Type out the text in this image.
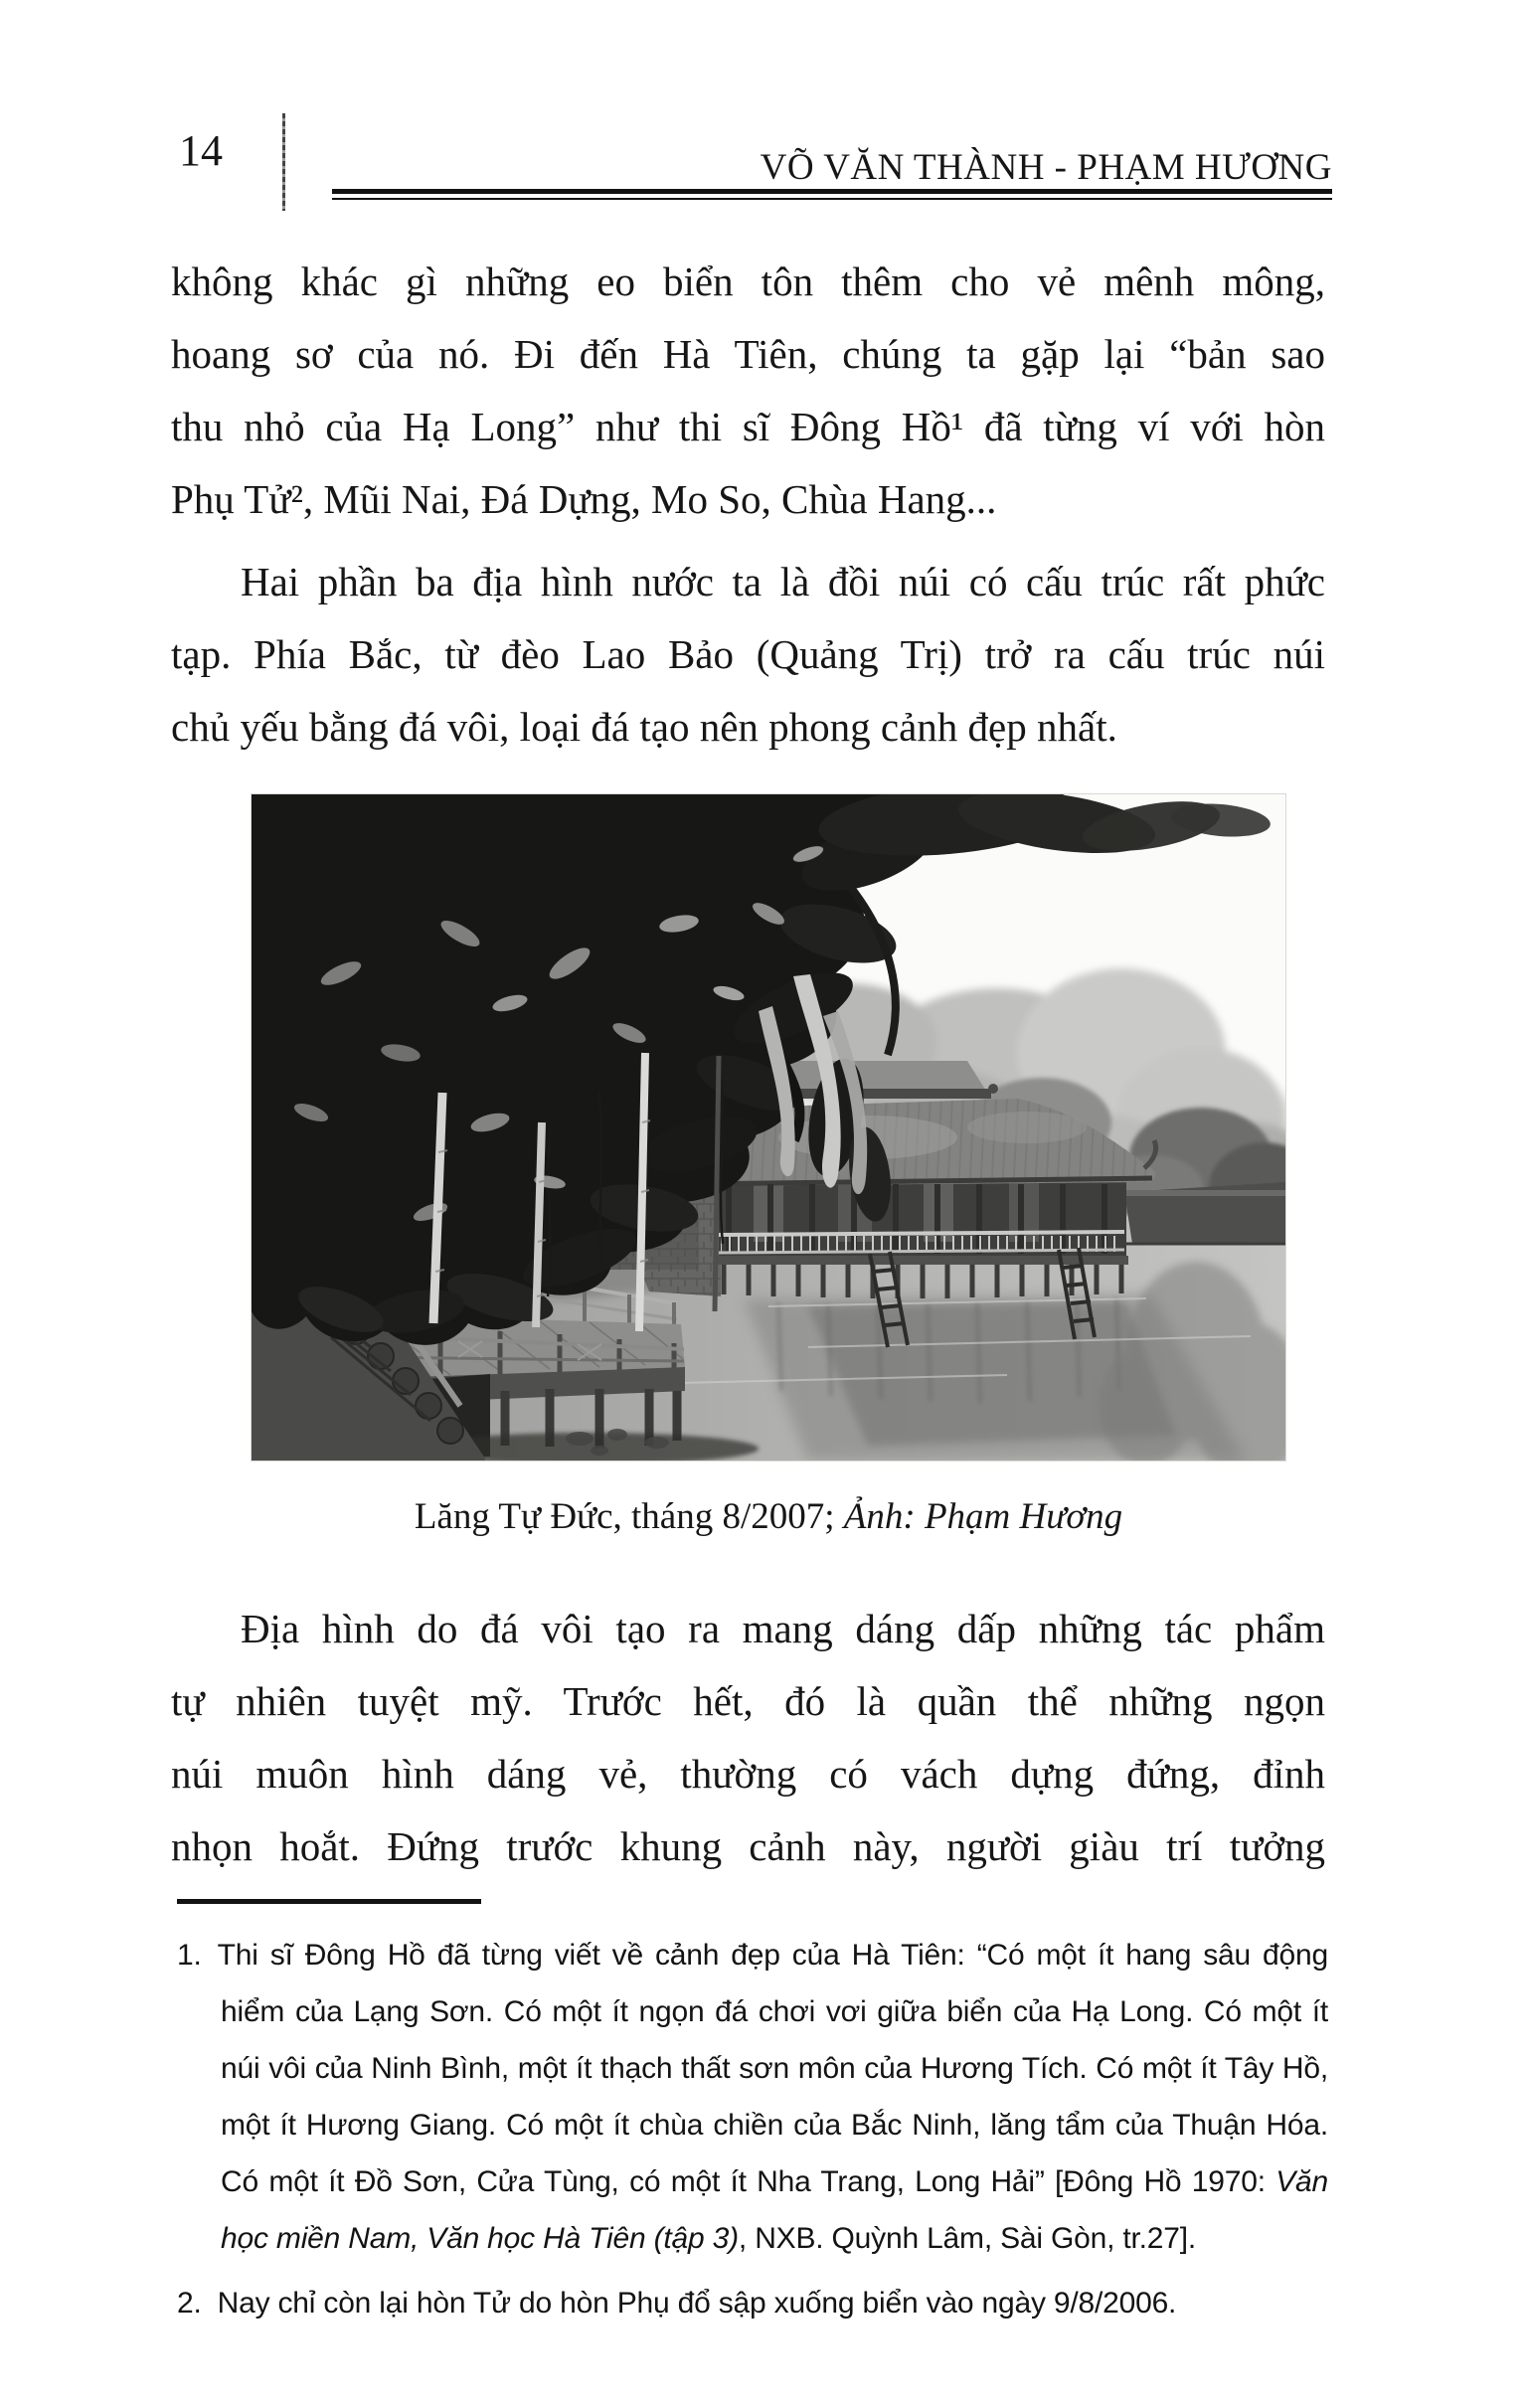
14	VÕ VĂN THÀNH - PHẠM HƯƠNG
không khác gì những eo biển tôn thêm cho vẻ mênh mông,
hoang sơ của nó. Đi đến Hà Tiên, chúng ta gặp lại “bản sao
thu nhỏ của Hạ Long” như thi sĩ Đông Hồ¹ đã từng ví với hòn
Phụ Tử², Mũi Nai, Đá Dựng, Mo So, Chùa Hang...
Hai phần ba địa hình nước ta là đồi núi có cấu trúc rất phức
tạp. Phía Bắc, từ đèo Lao Bảo (Quảng Trị) trở ra cấu trúc núi
chủ yếu bằng đá vôi, loại đá tạo nên phong cảnh đẹp nhất.
Lăng Tự Đức, tháng 8/2007; Ảnh: Phạm Hương
Địa hình do đá vôi tạo ra mang dáng dấp những tác phẩm
tự nhiên tuyệt mỹ. Trước hết, đó là quần thể những ngọn
núi muôn hình dáng vẻ, thường có vách dựng đứng, đỉnh
nhọn hoắt. Đứng trước khung cảnh này, người giàu trí tưởng
1. Thi sĩ Đông Hồ đã từng viết về cảnh đẹp của Hà Tiên: “Có một ít hang sâu động hiểm của Lạng Sơn. Có một ít ngọn đá chơi vơi giữa biển của Hạ Long. Có một ít núi vôi của Ninh Bình, một ít thạch thất sơn môn của Hương Tích. Có một ít Tây Hồ, một ít Hương Giang. Có một ít chùa chiền của Bắc Ninh, lăng tẩm của Thuận Hóa. Có một ít Đồ Sơn, Cửa Tùng, có một ít Nha Trang, Long Hải” [Đông Hồ 1970: Văn học miền Nam, Văn học Hà Tiên (tập 3), NXB. Quỳnh Lâm, Sài Gòn, tr.27].
2. Nay chỉ còn lại hòn Tử do hòn Phụ đổ sập xuống biển vào ngày 9/8/2006.
